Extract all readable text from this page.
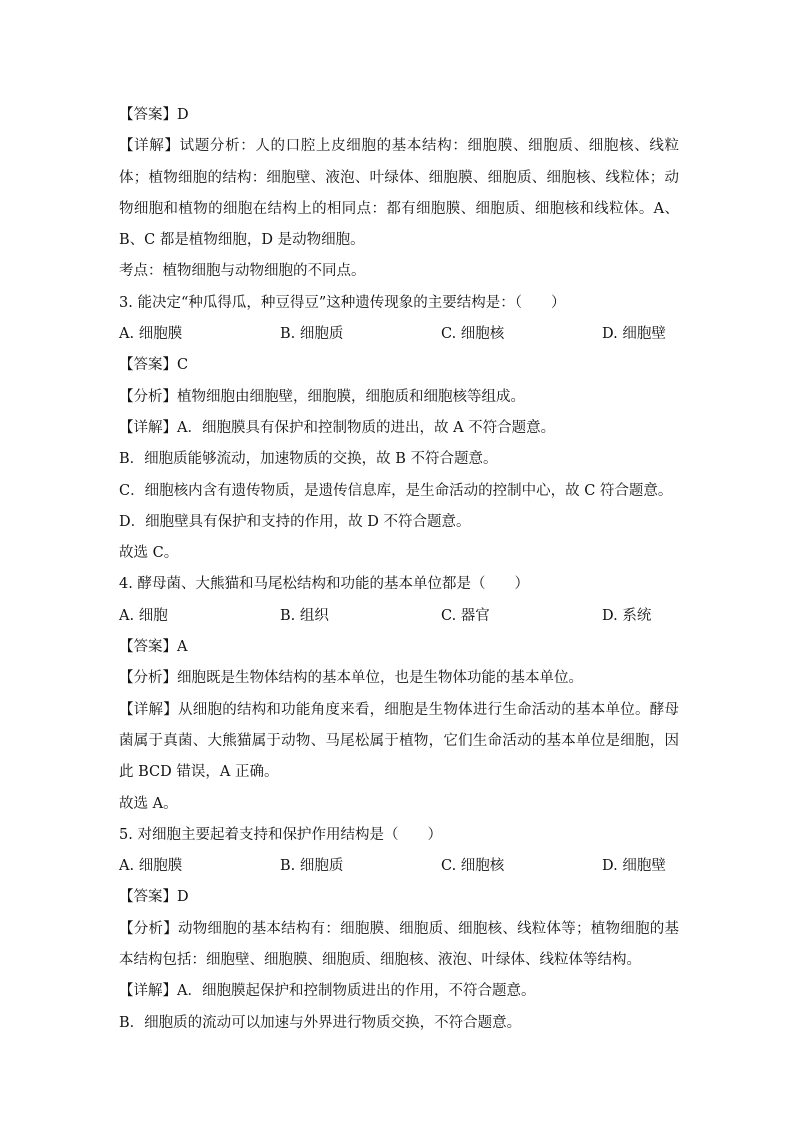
【答案】D
【详解】试题分析：人的口腔上皮细胞的基本结构：细胞膜、细胞质、细胞核、线粒体；植物细胞的结构：细胞壁、液泡、叶绿体、细胞膜、细胞质、细胞核、线粒体；动物细胞和植物的细胞在结构上的相同点：都有细胞膜、细胞质、细胞核和线粒体。A、B、C 都是植物细胞，D 是动物细胞。
考点：植物细胞与动物细胞的不同点。
3. 能决定“种瓜得瓜，种豆得豆”这种遗传现象的主要结构是：（　　）
A. 细胞膜	B. 细胞质	C. 细胞核	D. 细胞壁
【答案】C
【分析】植物细胞由细胞壁，细胞膜，细胞质和细胞核等组成。
【详解】A．细胞膜具有保护和控制物质的进出，故 A 不符合题意。
B．细胞质能够流动，加速物质的交换，故 B 不符合题意。
C．细胞核内含有遗传物质，是遗传信息库，是生命活动的控制中心，故 C 符合题意。
D．细胞壁具有保护和支持的作用，故 D 不符合题意。
故选 C。
4. 酵母菌、大熊猫和马尾松结构和功能的基本单位都是（　　）
A. 细胞	B. 组织	C. 器官	D. 系统
【答案】A
【分析】细胞既是生物体结构的基本单位，也是生物体功能的基本单位。
【详解】从细胞的结构和功能角度来看，细胞是生物体进行生命活动的基本单位。酵母菌属于真菌、大熊猫属于动物、马尾松属于植物，它们生命活动的基本单位是细胞，因此 BCD 错误，A 正确。
故选 A。
5. 对细胞主要起着支持和保护作用结构是（　　）
A. 细胞膜	B. 细胞质	C. 细胞核	D. 细胞壁
【答案】D
【分析】动物细胞的基本结构有：细胞膜、细胞质、细胞核、线粒体等；植物细胞的基本结构包括：细胞壁、细胞膜、细胞质、细胞核、液泡、叶绿体、线粒体等结构。
【详解】A．细胞膜起保护和控制物质进出的作用，不符合题意。
B．细胞质的流动可以加速与外界进行物质交换，不符合题意。
